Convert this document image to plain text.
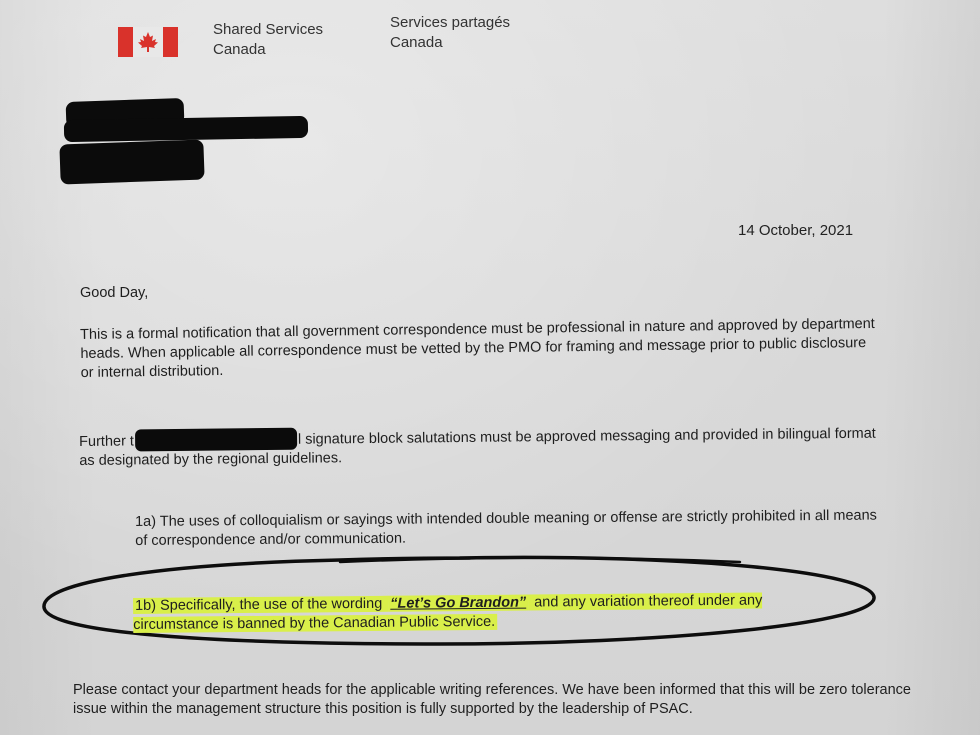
Shared Services
Canada
Services partagés
Canada
14 October, 2021
Good Day,
This is a formal notification that all government correspondence must be professional in nature and approved by department heads. When applicable all correspondence must be vetted by the PMO for framing and message prior to public disclosure or internal distribution.
Further t	l signature block salutations must be approved messaging and provided in bilingual format as designated by the regional guidelines.
1a) The uses of colloquialism or sayings with intended double meaning or offense are strictly prohibited in all means of correspondence and/or communication.
1b) Specifically, the use of the wording “Let’s Go Brandon” and any variation thereof under any circumstance is banned by the Canadian Public Service.
Please contact your department heads for the applicable writing references. We have been informed that this will be zero tolerance issue within the management structure this position is fully supported by the leadership of PSAC.
